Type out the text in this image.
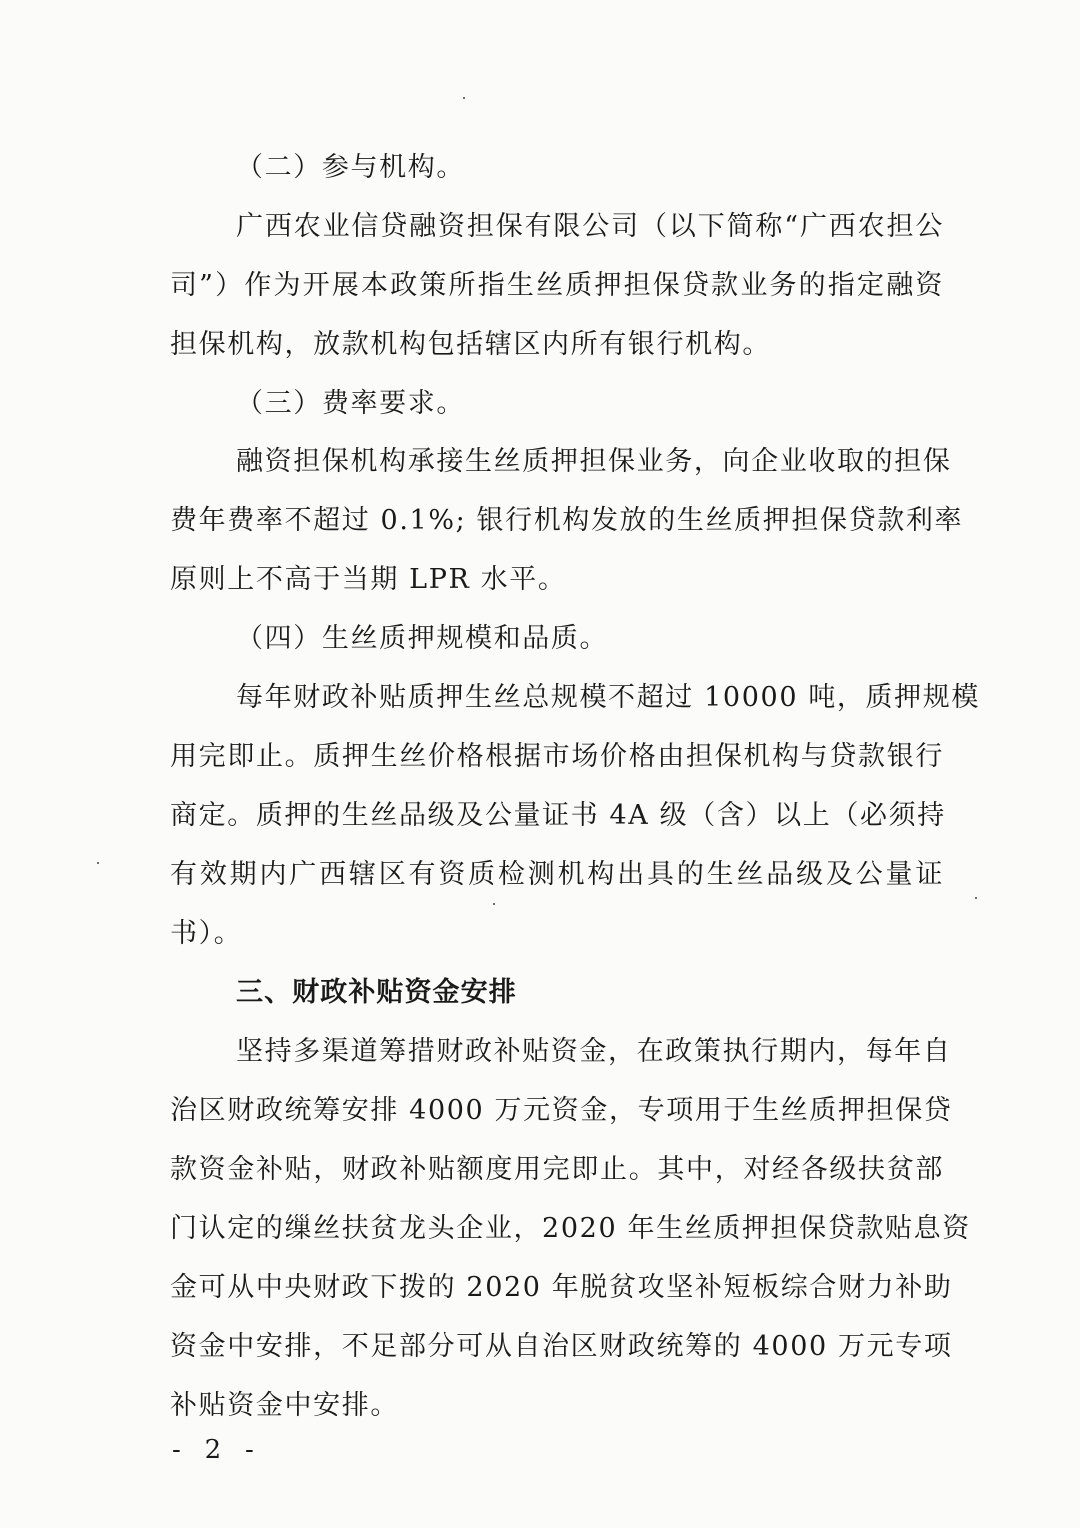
（二）参与机构。
广西农业信贷融资担保有限公司（以下简称“广西农担公
司”）作为开展本政策所指生丝质押担保贷款业务的指定融资
担保机构，放款机构包括辖区内所有银行机构。
（三）费率要求。
融资担保机构承接生丝质押担保业务，向企业收取的担保
费年费率不超过 0.1%; 银行机构发放的生丝质押担保贷款利率
原则上不高于当期 LPR 水平。
（四）生丝质押规模和品质。
每年财政补贴质押生丝总规模不超过 10000 吨，质押规模
用完即止。质押生丝价格根据市场价格由担保机构与贷款银行
商定。质押的生丝品级及公量证书 4A 级（含）以上（必须持
有效期内广西辖区有资质检测机构出具的生丝品级及公量证
书）。
三、财政补贴资金安排
坚持多渠道筹措财政补贴资金，在政策执行期内，每年自
治区财政统筹安排 4000 万元资金，专项用于生丝质押担保贷
款资金补贴，财政补贴额度用完即止。其中，对经各级扶贫部
门认定的缫丝扶贫龙头企业，2020 年生丝质押担保贷款贴息资
金可从中央财政下拨的 2020 年脱贫攻坚补短板综合财力补助
资金中安排，不足部分可从自治区财政统筹的 4000 万元专项
补贴资金中安排。
- 2 -
